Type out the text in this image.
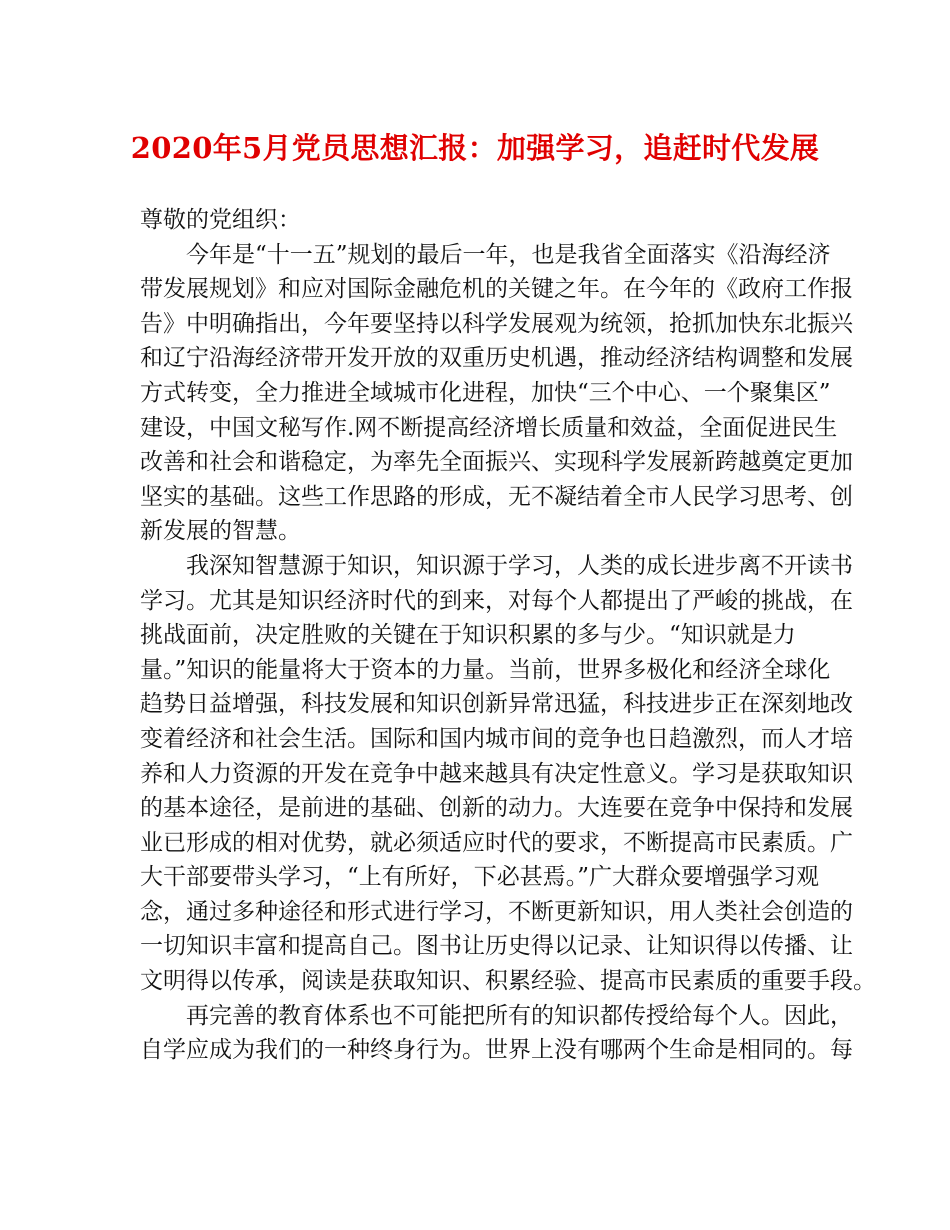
2020年5月党员思想汇报：加强学习，追赶时代发展
尊敬的党组织：
今年是“十一五”规划的最后一年，也是我省全面落实《沿海经济
带发展规划》和应对国际金融危机的关键之年。在今年的《政府工作报
告》中明确指出，今年要坚持以科学发展观为统领，抢抓加快东北振兴
和辽宁沿海经济带开发开放的双重历史机遇，推动经济结构调整和发展
方式转变，全力推进全域城市化进程，加快“三个中心、一个聚集区”
建设，中国文秘写作.网不断提高经济增长质量和效益，全面促进民生
改善和社会和谐稳定，为率先全面振兴、实现科学发展新跨越奠定更加
坚实的基础。这些工作思路的形成，无不凝结着全市人民学习思考、创
新发展的智慧。
我深知智慧源于知识，知识源于学习，人类的成长进步离不开读书
学习。尤其是知识经济时代的到来，对每个人都提出了严峻的挑战，在
挑战面前，决定胜败的关键在于知识积累的多与少。“知识就是力
量。”知识的能量将大于资本的力量。当前，世界多极化和经济全球化
趋势日益增强，科技发展和知识创新异常迅猛，科技进步正在深刻地改
变着经济和社会生活。国际和国内城市间的竞争也日趋激烈，而人才培
养和人力资源的开发在竞争中越来越具有决定性意义。学习是获取知识
的基本途径，是前进的基础、创新的动力。大连要在竞争中保持和发展
业已形成的相对优势，就必须适应时代的要求，不断提高市民素质。广
大干部要带头学习，“上有所好，下必甚焉。”广大群众要增强学习观
念，通过多种途径和形式进行学习，不断更新知识，用人类社会创造的
一切知识丰富和提高自己。图书让历史得以记录、让知识得以传播、让
文明得以传承，阅读是获取知识、积累经验、提高市民素质的重要手段。
再完善的教育体系也不可能把所有的知识都传授给每个人。因此，
自学应成为我们的一种终身行为。世界上没有哪两个生命是相同的。每
